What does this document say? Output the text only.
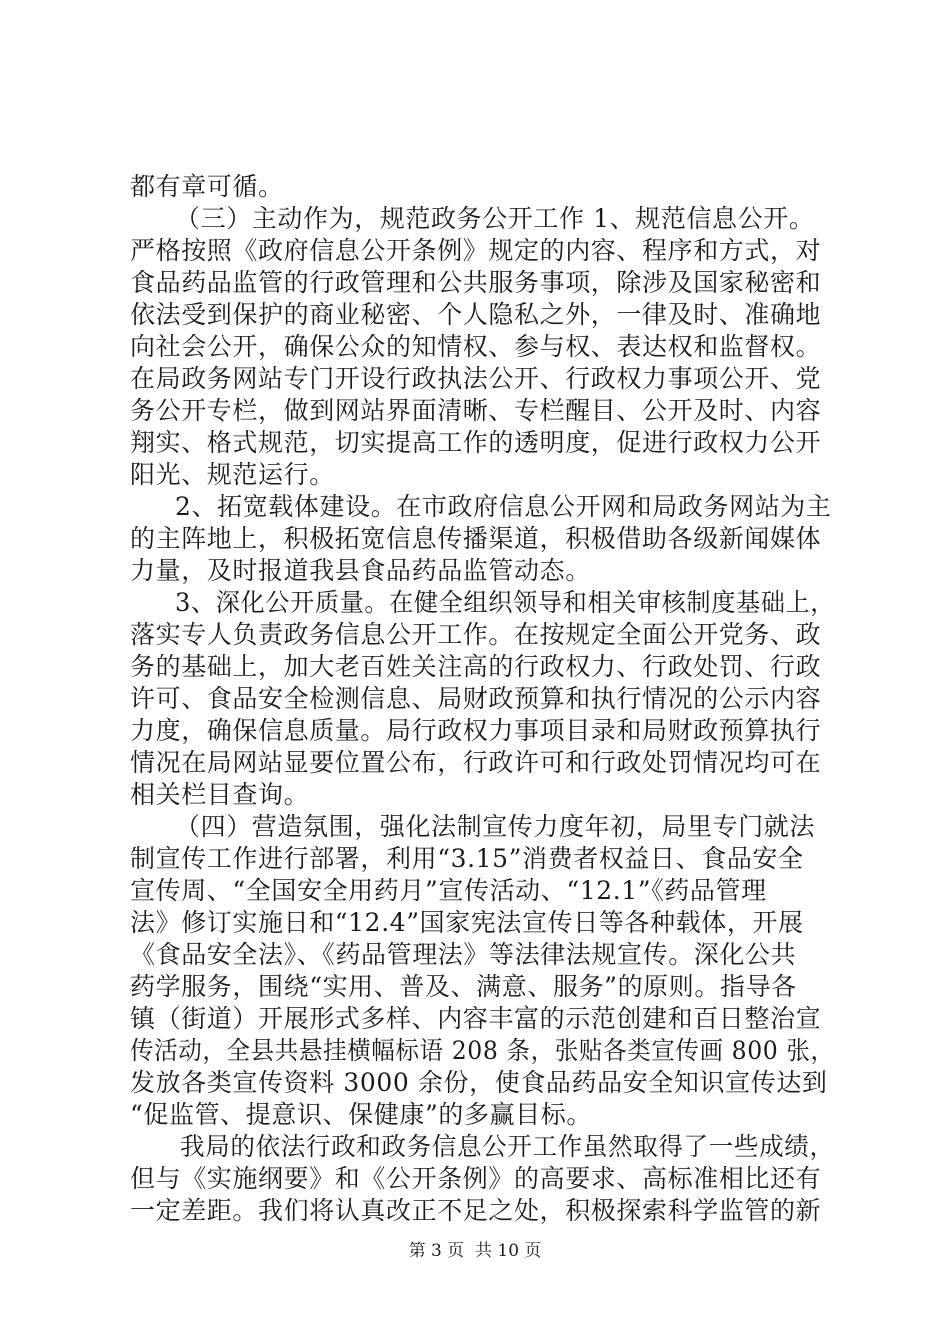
都有章可循。
（三）主动作为，规范政务公开工作 1、规范信息公开。
严格按照《政府信息公开条例》规定的内容、程序和方式，对
食品药品监管的行政管理和公共服务事项，除涉及国家秘密和
依法受到保护的商业秘密、个人隐私之外，一律及时、准确地
向社会公开，确保公众的知情权、参与权、表达权和监督权。
在局政务网站专门开设行政执法公开、行政权力事项公开、党
务公开专栏，做到网站界面清晰、专栏醒目、公开及时、内容
翔实、格式规范，切实提高工作的透明度，促进行政权力公开
阳光、规范运行。
2、拓宽载体建设。在市政府信息公开网和局政务网站为主
的主阵地上，积极拓宽信息传播渠道，积极借助各级新闻媒体
力量，及时报道我县食品药品监管动态。
3、深化公开质量。在健全组织领导和相关审核制度基础上，
落实专人负责政务信息公开工作。在按规定全面公开党务、政
务的基础上，加大老百姓关注高的行政权力、行政处罚、行政
许可、食品安全检测信息、局财政预算和执行情况的公示内容
力度，确保信息质量。局行政权力事项目录和局财政预算执行
情况在局网站显要位置公布，行政许可和行政处罚情况均可在
相关栏目查询。
（四）营造氛围，强化法制宣传力度年初，局里专门就法
制宣传工作进行部署，利用“3.15”消费者权益日、食品安全
宣传周、“全国安全用药月”宣传活动、“12.1”《药品管理
法》修订实施日和“12.4”国家宪法宣传日等各种载体，开展
《食品安全法》、《药品管理法》等法律法规宣传。深化公共
药学服务，围绕“实用、普及、满意、服务”的原则。指导各
镇（街道）开展形式多样、内容丰富的示范创建和百日整治宣
传活动，全县共悬挂横幅标语 208 条，张贴各类宣传画 800 张，
发放各类宣传资料 3000 余份，使食品药品安全知识宣传达到
“促监管、提意识、保健康”的多赢目标。
我局的依法行政和政务信息公开工作虽然取得了一些成绩，
但与《实施纲要》和《公开条例》的高要求、高标准相比还有
一定差距。我们将认真改正不足之处，积极探索科学监管的新
第 3 页  共 10 页
